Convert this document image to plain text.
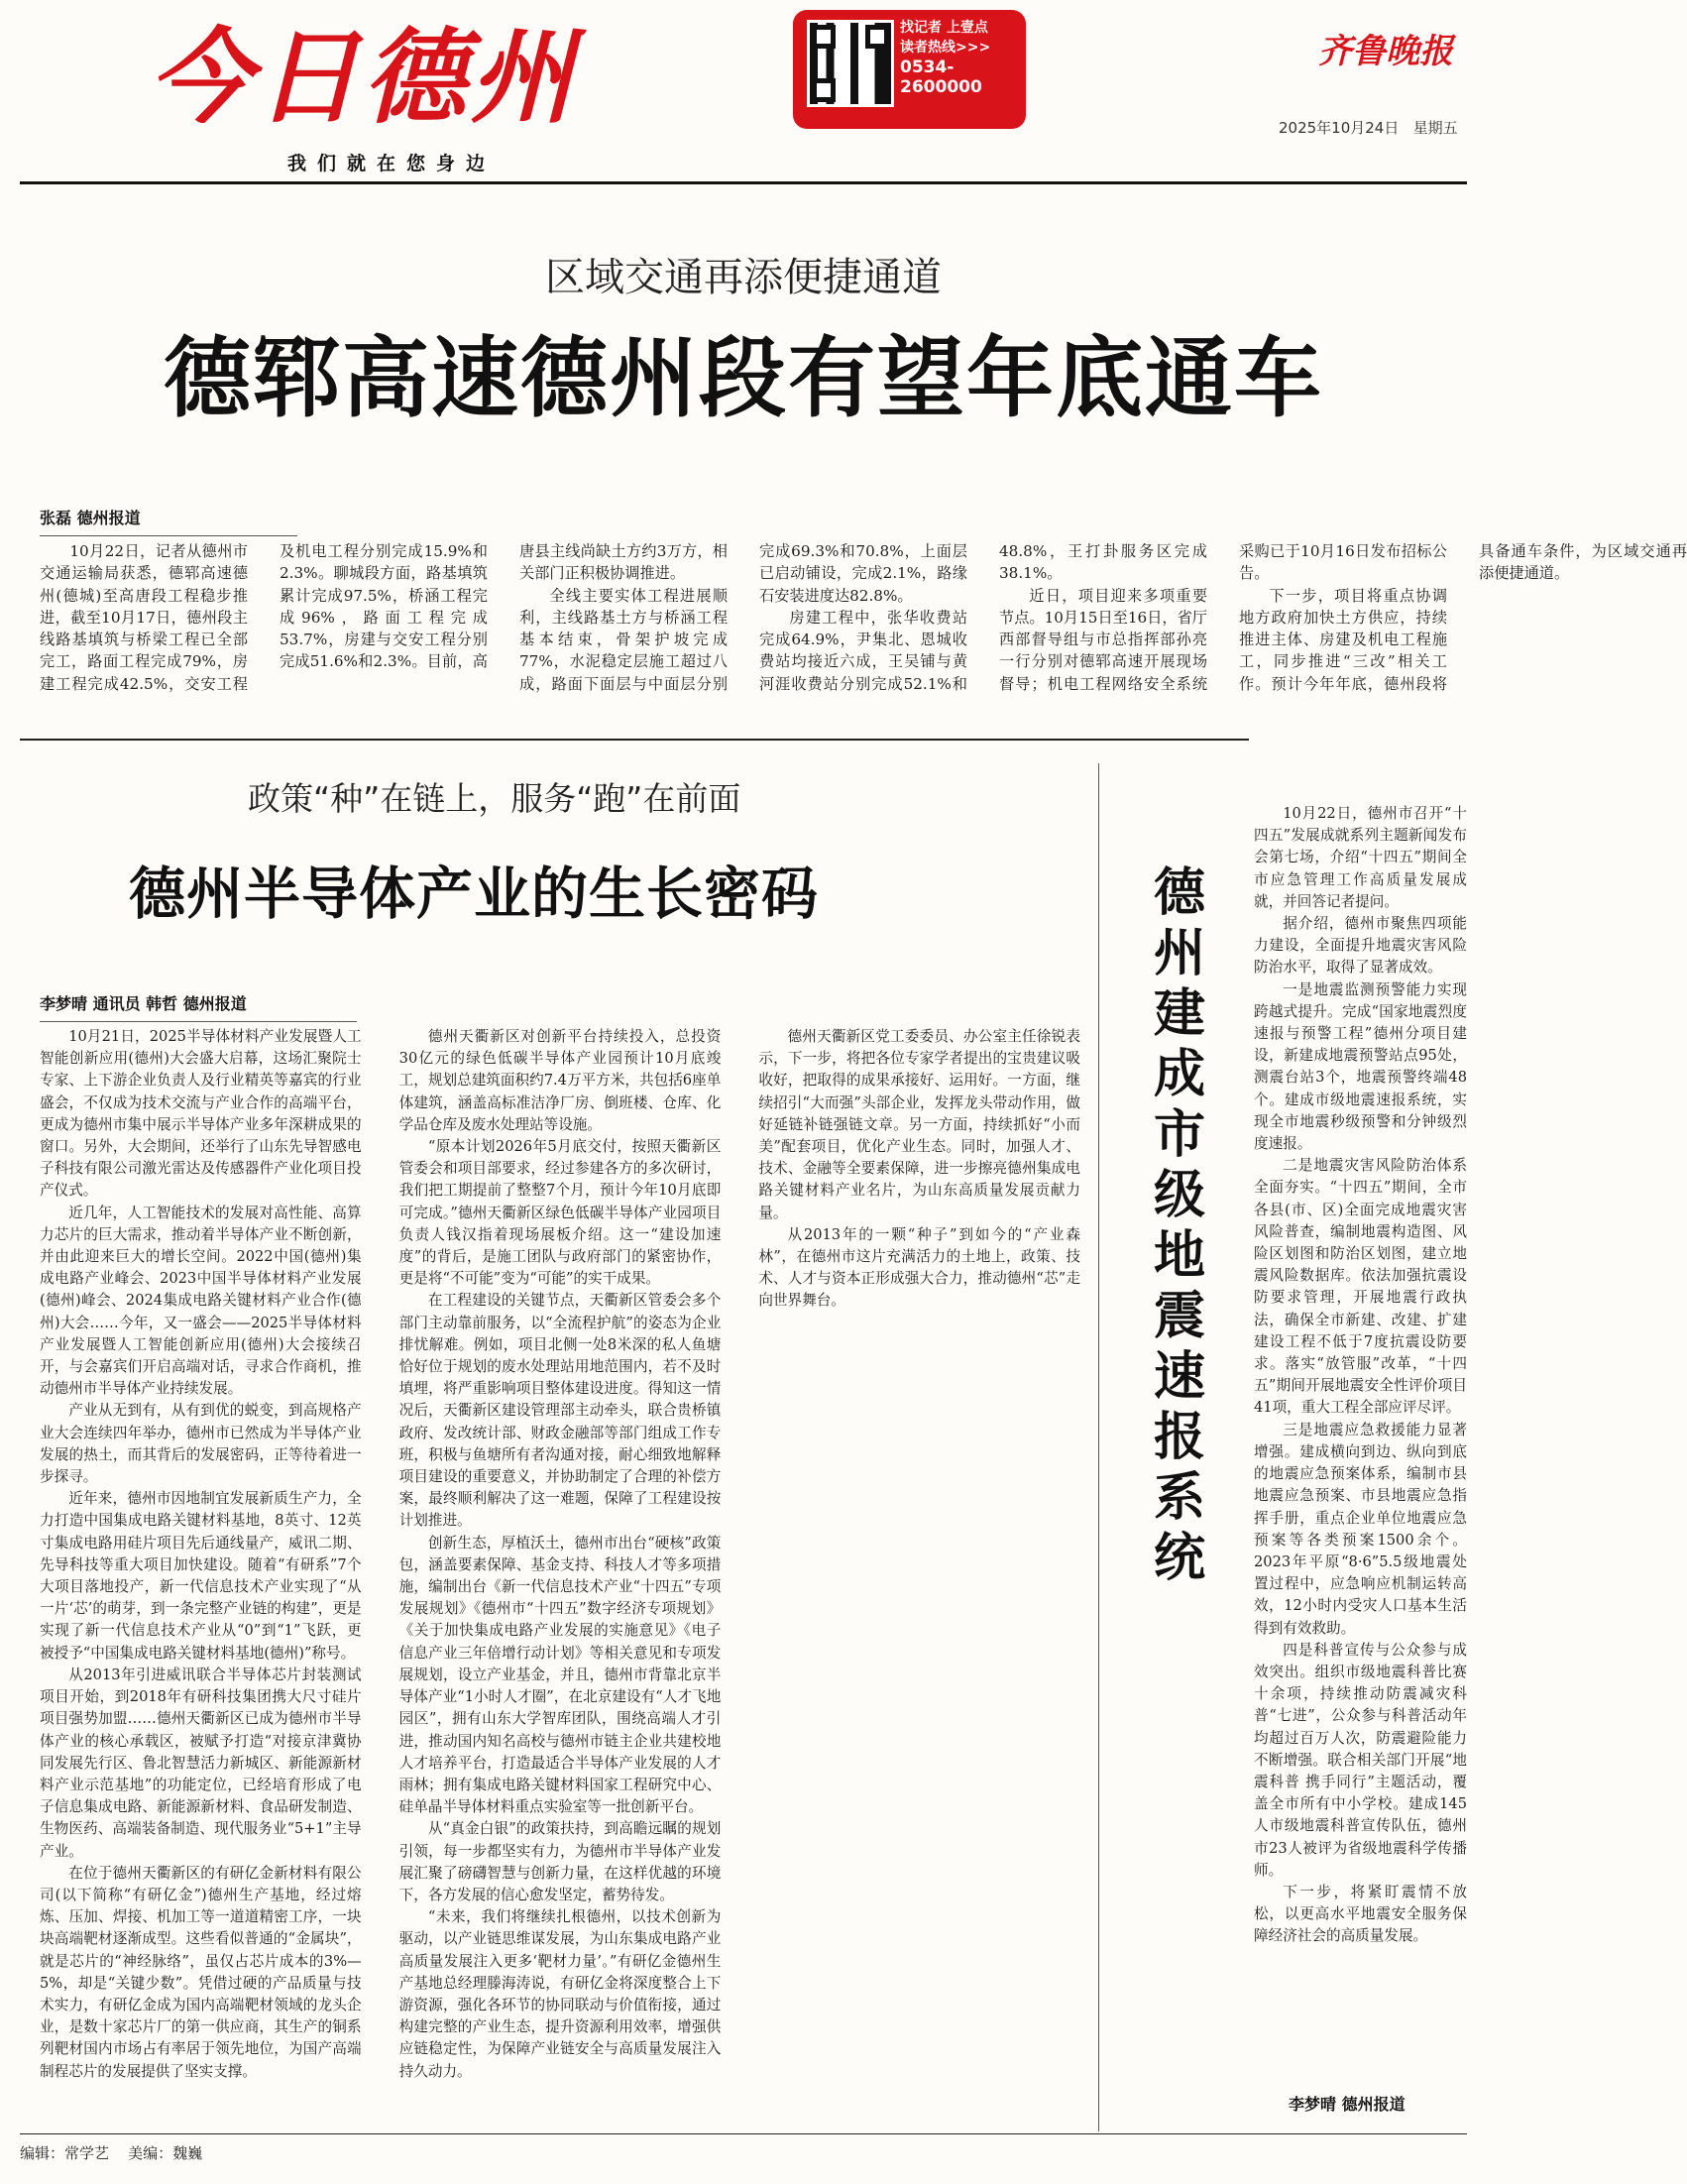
今日德州
我们就在您身边
找记者 上壹点
读者热线>>>
0534-
2600000
齐鲁晚报
2025年10月24日 星期五
区域交通再添便捷通道
德郓高速德州段有望年底通车
张磊 德州报道

10月22日，记者从德州市交通运输局获悉，德郓高速德州(德城)至高唐段工程稳步推进，截至10月17日，德州段主线路基填筑与桥梁工程已全部完工，路面工程完成79%，房建工程完成42.5%，交安工程及机电工程分别完成15.9%和2.3%。聊城段方面，路基填筑累计完成97.5%，桥涵工程完成96%，路面工程完成53.7%，房建与交安工程分别完成51.6%和2.3%。目前，高唐县主线尚缺土方约3万方，相关部门正积极协调推进。

全线主要实体工程进展顺利，主线路基土方与桥涵工程基本结束，骨架护坡完成77%，水泥稳定层施工超过八成，路面下面层与中面层分别完成69.3%和70.8%，上面层已启动铺设，完成2.1%，路缘石安装进度达82.8%。

房建工程中，张华收费站完成64.9%，尹集北、恩城收费站均接近六成，王吴铺与黄河涯收费站分别完成52.1%和48.8%，王打卦服务区完成38.1%。

近日，项目迎来多项重要节点。10月15日至16日，省厅西部督导组与市总指挥部孙亮一行分别对德郓高速开展现场督导；机电工程网络安全系统采购已于10月16日发布招标公告。

下一步，项目将重点协调地方政府加快土方供应，持续推进主体、房建及机电工程施工，同步推进“三改”相关工作。预计今年年底，德州段将具备通车条件，为区域交通再添便捷通道。

政策“种”在链上，服务“跑”在前面
德州半导体产业的生长密码
李梦晴 通讯员 韩哲 德州报道

10月21日，2025半导体材料产业发展暨人工智能创新应用(德州)大会盛大启幕，这场汇聚院士专家、上下游企业负责人及行业精英等嘉宾的行业盛会，不仅成为技术交流与产业合作的高端平台，更成为德州市集中展示半导体产业多年深耕成果的窗口。另外，大会期间，还举行了山东先导智感电子科技有限公司激光雷达及传感器件产业化项目投产仪式。

近几年，人工智能技术的发展对高性能、高算力芯片的巨大需求，推动着半导体产业不断创新，并由此迎来巨大的增长空间。2022中国(德州)集成电路产业峰会、2023中国半导体材料产业发展(德州)峰会、2024集成电路关键材料产业合作(德州)大会……今年，又一盛会——2025半导体材料产业发展暨人工智能创新应用(德州)大会接续召开，与会嘉宾们开启高端对话，寻求合作商机，推动德州市半导体产业持续发展。

产业从无到有，从有到优的蜕变，到高规格产业大会连续四年举办，德州市已然成为半导体产业发展的热土，而其背后的发展密码，正等待着进一步探寻。

近年来，德州市因地制宜发展新质生产力，全力打造中国集成电路关键材料基地，8英寸、12英寸集成电路用硅片项目先后通线量产，威讯二期、先导科技等重大项目加快建设。随着“有研系”7个大项目落地投产，新一代信息技术产业实现了“从一片‘芯’的萌芽，到一条完整产业链的构建”，更是实现了新一代信息技术产业从“0”到“1”飞跃，更被授予“中国集成电路关键材料基地(德州)”称号。

从2013年引进威讯联合半导体芯片封装测试项目开始，到2018年有研科技集团携大尺寸硅片项目强势加盟……德州天衢新区已成为德州市半导体产业的核心承载区，被赋予打造“对接京津冀协同发展先行区、鲁北智慧活力新城区、新能源新材料产业示范基地”的功能定位，已经培育形成了电子信息集成电路、新能源新材料、食品研发制造、生物医药、高端装备制造、现代服务业“5+1”主导产业。

在位于德州天衢新区的有研亿金新材料有限公司(以下简称“有研亿金”)德州生产基地，经过熔炼、压加、焊接、机加工等一道道精密工序，一块块高端靶材逐渐成型。这些看似普通的“金属块”，就是芯片的“神经脉络”，虽仅占芯片成本的3%—5%，却是“关键少数”。凭借过硬的产品质量与技术实力，有研亿金成为国内高端靶材领域的龙头企业，是数十家芯片厂的第一供应商，其生产的铜系列靶材国内市场占有率居于领先地位，为国产高端制程芯片的发展提供了坚实支撑。

德州天衢新区对创新平台持续投入，总投资30亿元的绿色低碳半导体产业园预计10月底竣工，规划总建筑面积约7.4万平方米，共包括6座单体建筑，涵盖高标准洁净厂房、倒班楼、仓库、化学品仓库及废水处理站等设施。

“原本计划2026年5月底交付，按照天衢新区管委会和项目部要求，经过参建各方的多次研讨，我们把工期提前了整整7个月，预计今年10月底即可完成。”德州天衢新区绿色低碳半导体产业园项目负责人钱汉指着现场展板介绍。这一“建设加速度”的背后，是施工团队与政府部门的紧密协作，更是将“不可能”变为“可能”的实干成果。

在工程建设的关键节点，天衢新区管委会多个部门主动靠前服务，以“全流程护航”的姿态为企业排忧解难。例如，项目北侧一处8米深的私人鱼塘恰好位于规划的废水处理站用地范围内，若不及时填埋，将严重影响项目整体建设进度。得知这一情况后，天衢新区建设管理部主动牵头，联合贵桥镇政府、发改统计部、财政金融部等部门组成工作专班，积极与鱼塘所有者沟通对接，耐心细致地解释项目建设的重要意义，并协助制定了合理的补偿方案，最终顺利解决了这一难题，保障了工程建设按计划推进。

创新生态，厚植沃土，德州市出台“硬核”政策包，涵盖要素保障、基金支持、科技人才等多项措施，编制出台《新一代信息技术产业“十四五”专项发展规划》《德州市“十四五”数字经济专项规划》《关于加快集成电路产业发展的实施意见》《电子信息产业三年倍增行动计划》等相关意见和专项发展规划，设立产业基金，并且，德州市背靠北京半导体产业“1小时人才圈”，在北京建设有“人才飞地园区”，拥有山东大学智库团队，围绕高端人才引进，推动国内知名高校与德州市链主企业共建校地人才培养平台，打造最适合半导体产业发展的人才雨林；拥有集成电路关键材料国家工程研究中心、硅单晶半导体材料重点实验室等一批创新平台。

从“真金白银”的政策扶持，到高瞻远瞩的规划引领，每一步都坚实有力，为德州市半导体产业发展汇聚了磅礴智慧与创新力量，在这样优越的环境下，各方发展的信心愈发坚定，蓄势待发。

“未来，我们将继续扎根德州，以技术创新为驱动，以产业链思维谋发展，为山东集成电路产业高质量发展注入更多‘靶材力量’。”有研亿金德州生产基地总经理滕海涛说，有研亿金将深度整合上下游资源，强化各环节的协同联动与价值衔接，通过构建完整的产业生态，提升资源利用效率，增强供应链稳定性，为保障产业链安全与高质量发展注入持久动力。

德州天衢新区党工委委员、办公室主任徐锐表示，下一步，将把各位专家学者提出的宝贵建议吸收好，把取得的成果承接好、运用好。一方面，继续招引“大而强”头部企业，发挥龙头带动作用，做好延链补链强链文章。另一方面，持续抓好“小而美”配套项目，优化产业生态。同时，加强人才、技术、金融等全要素保障，进一步擦亮德州集成电路关键材料产业名片，为山东高质量发展贡献力量。

从2013年的一颗“种子”到如今的“产业森林”，在德州市这片充满活力的土地上，政策、技术、人才与资本正形成强大合力，推动德州“芯”走向世界舞台。

德州建成市级地震速报系统

10月22日，德州市召开“十四五”发展成就系列主题新闻发布会第七场，介绍“十四五”期间全市应急管理工作高质量发展成就，并回答记者提问。

据介绍，德州市聚焦四项能力建设，全面提升地震灾害风险防治水平，取得了显著成效。

一是地震监测预警能力实现跨越式提升。完成“国家地震烈度速报与预警工程”德州分项目建设，新建成地震预警站点95处，测震台站3个，地震预警终端48个。建成市级地震速报系统，实现全市地震秒级预警和分钟级烈度速报。

二是地震灾害风险防治体系全面夯实。“十四五”期间，全市各县(市、区)全面完成地震灾害风险普查，编制地震构造图、风险区划图和防治区划图，建立地震风险数据库。依法加强抗震设防要求管理，开展地震行政执法，确保全市新建、改建、扩建建设工程不低于7度抗震设防要求。落实“放管服”改革，“十四五”期间开展地震安全性评价项目41项，重大工程全部应评尽评。

三是地震应急救援能力显著增强。建成横向到边、纵向到底的地震应急预案体系，编制市县地震应急预案、市县地震应急指挥手册，重点企业单位地震应急预案等各类预案1500余个。2023年平原“8·6”5.5级地震处置过程中，应急响应机制运转高效，12小时内受灾人口基本生活得到有效救助。

四是科普宣传与公众参与成效突出。组织市级地震科普比赛十余项，持续推动防震减灾科普“七进”，公众参与科普活动年均超过百万人次，防震避险能力不断增强。联合相关部门开展“地震科普 携手同行”主题活动，覆盖全市所有中小学校。建成145人市级地震科普宣传队伍，德州市23人被评为省级地震科学传播师。

下一步，将紧盯震情不放松，以更高水平地震安全服务保障经济社会的高质量发展。

李梦晴 德州报道
编辑：常学艺 美编：魏巍
